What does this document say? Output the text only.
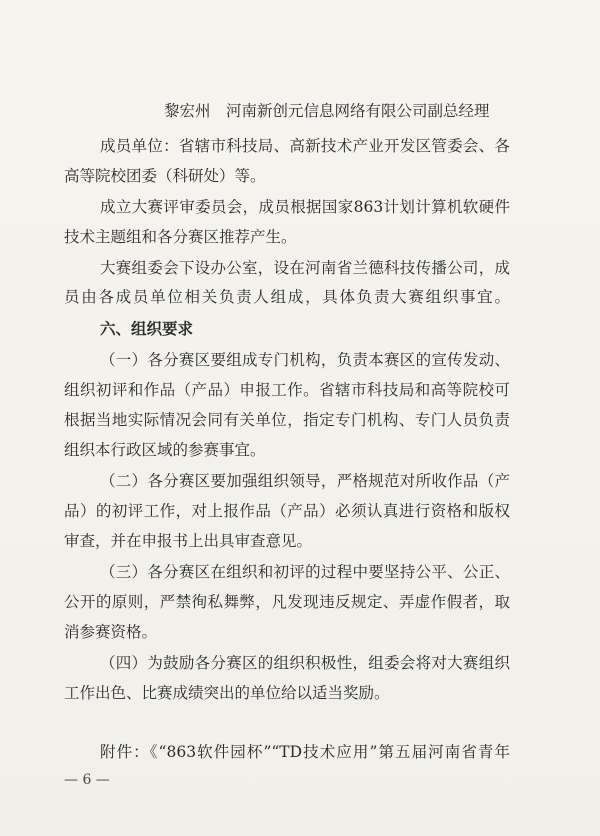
黎宏州　河南新创元信息网络有限公司副总经理
成员单位：省辖市科技局、高新技术产业开发区管委会、各
高等院校团委（科研处）等。
成立大赛评审委员会，成员根据国家863计划计算机软硬件
技术主题组和各分赛区推荐产生。
大赛组委会下设办公室，设在河南省兰德科技传播公司，成
员由各成员单位相关负责人组成，具体负责大赛组织事宜。
六、组织要求
（一）各分赛区要组成专门机构，负责本赛区的宣传发动、
组织初评和作品（产品）申报工作。省辖市科技局和高等院校可
根据当地实际情况会同有关单位，指定专门机构、专门人员负责
组织本行政区域的参赛事宜。
（二）各分赛区要加强组织领导，严格规范对所收作品（产
品）的初评工作，对上报作品（产品）必须认真进行资格和版权
审查，并在申报书上出具审查意见。
（三）各分赛区在组织和初评的过程中要坚持公平、公正、
公开的原则，严禁徇私舞弊，凡发现违反规定、弄虚作假者，取
消参赛资格。
（四）为鼓励各分赛区的组织积极性，组委会将对大赛组织
工作出色、比赛成绩突出的单位给以适当奖励。
附件：《“863软件园杯”“TD技术应用”第五届河南省青年
— 6 —
